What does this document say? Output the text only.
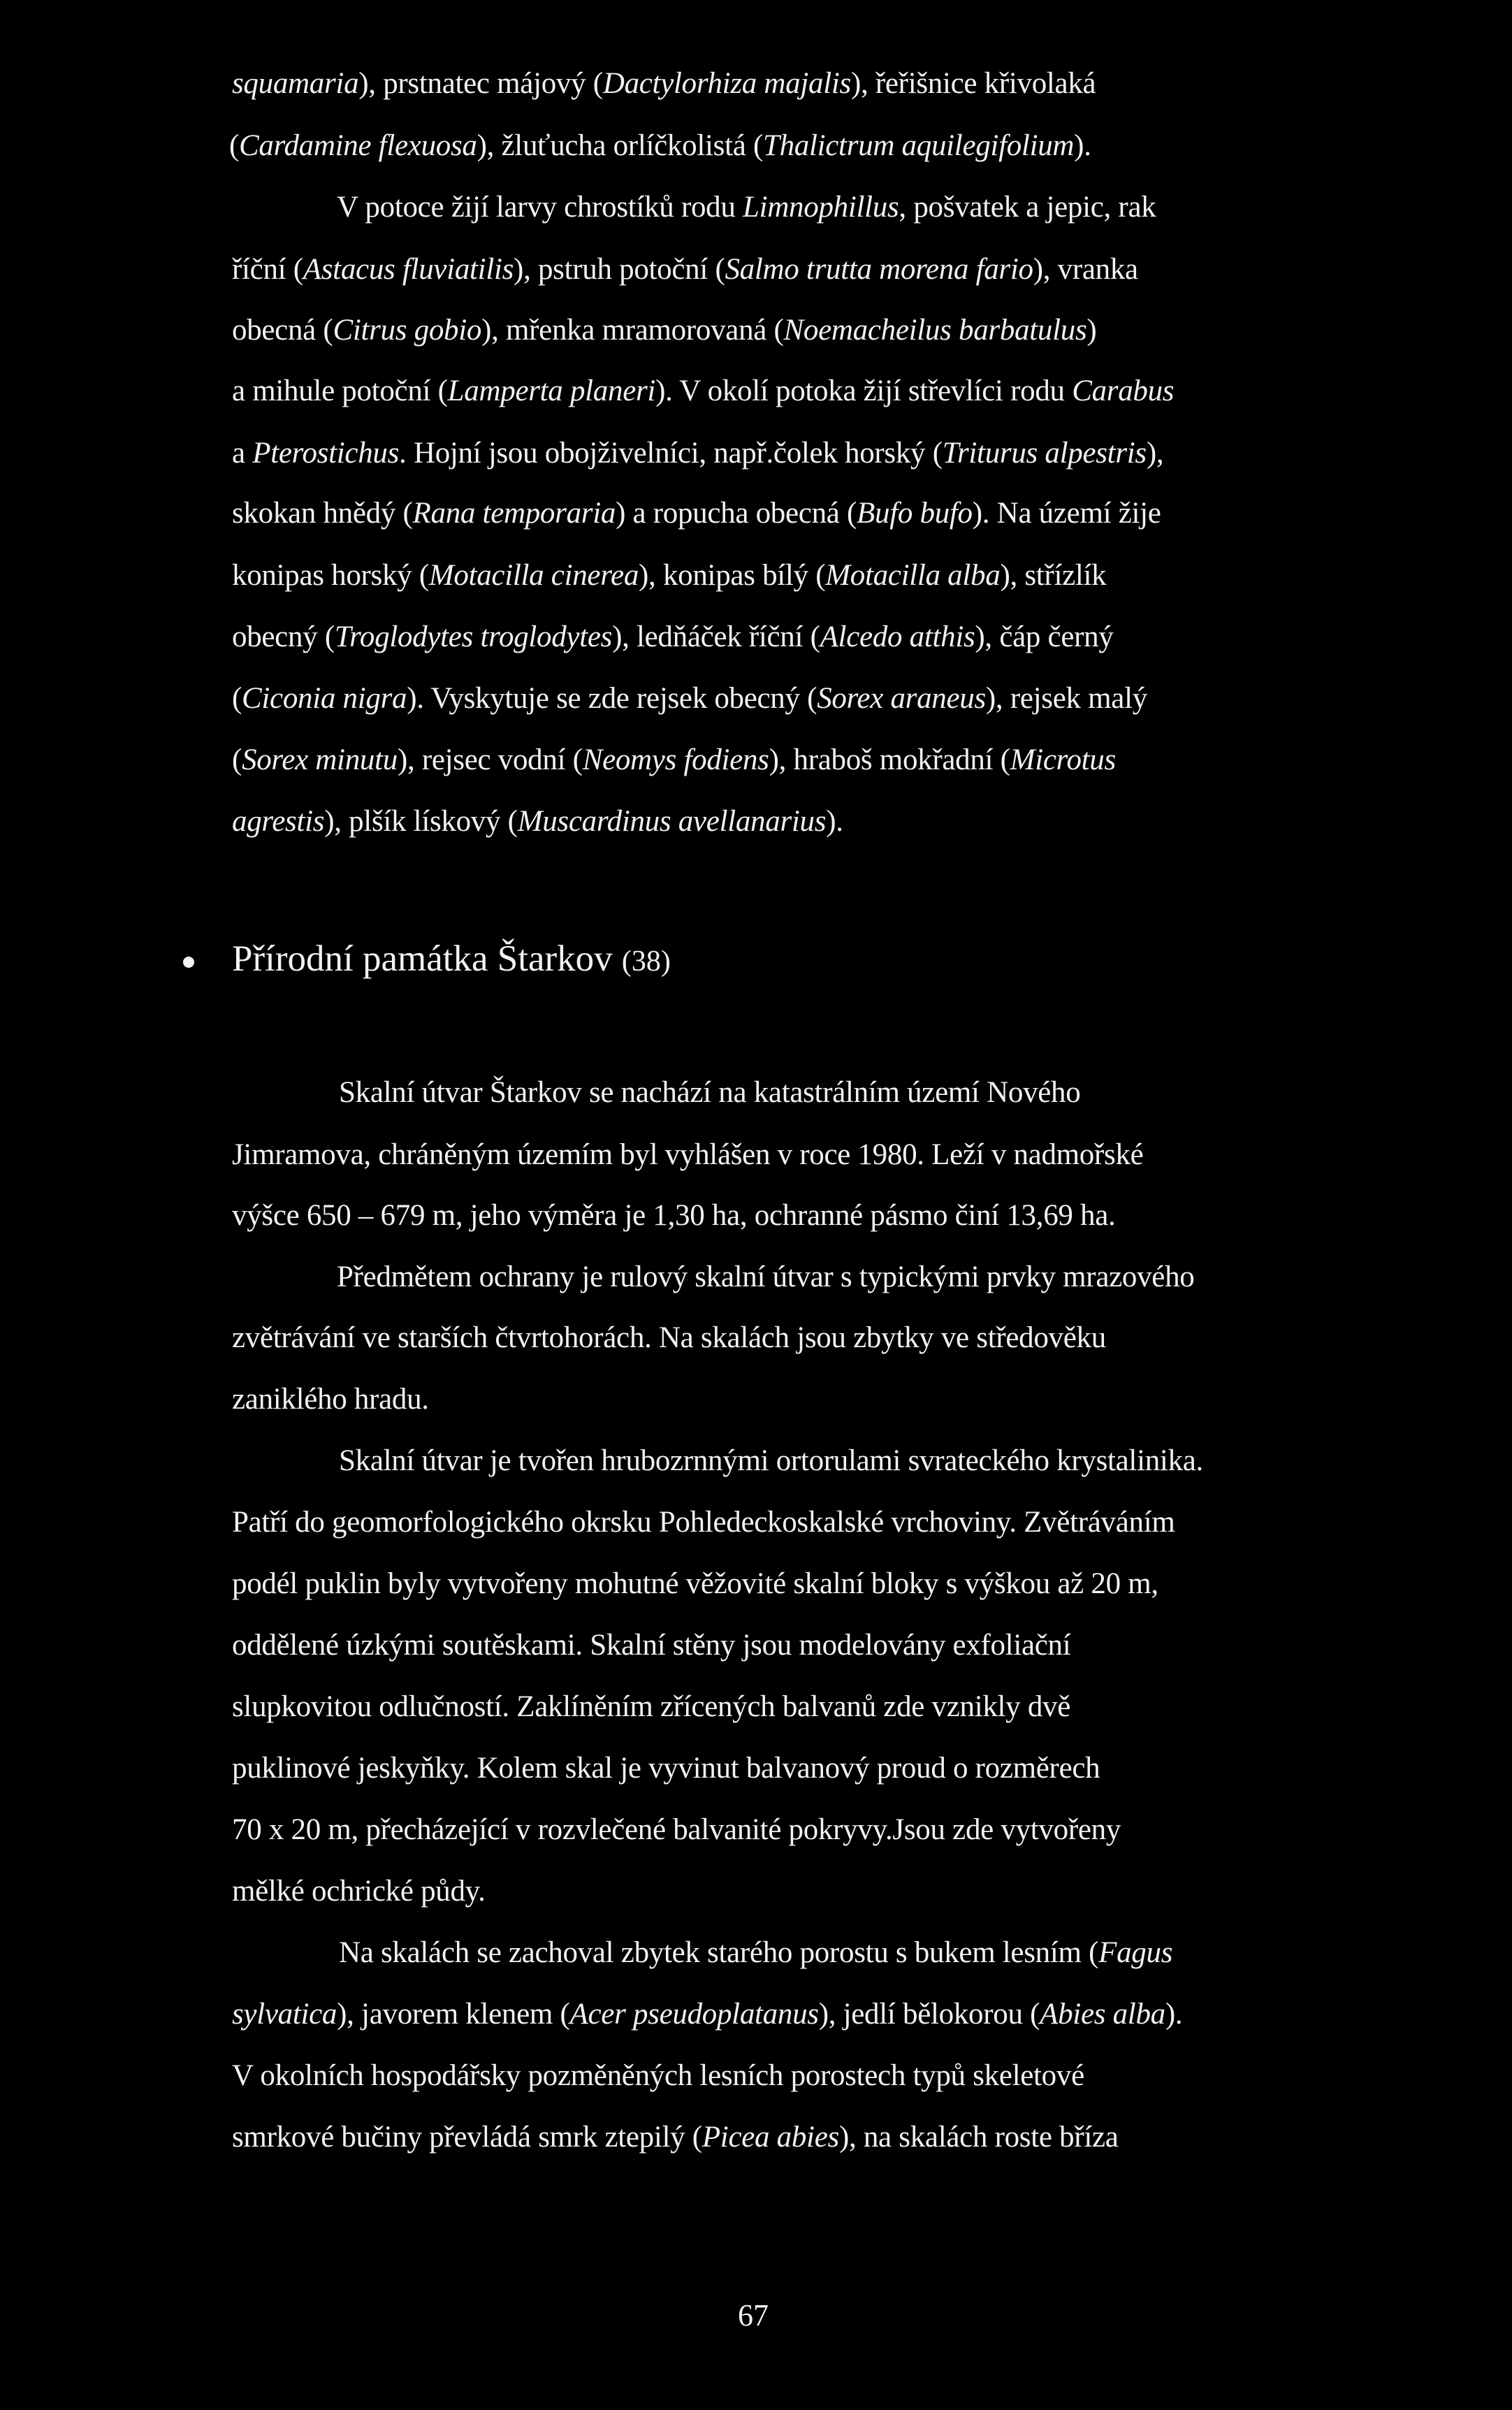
squamaria), prstnatec májový (Dactylorhiza majalis), řeřišnice křivolaká
(Cardamine flexuosa), žluťucha orlíčkolistá (Thalictrum aquilegifolium).
V potoce žijí larvy chrostíků rodu Limnophillus, pošvatek a jepic, rak
říční (Astacus fluviatilis), pstruh potoční (Salmo trutta morena fario), vranka
obecná (Citrus gobio), mřenka mramorovaná (Noemacheilus barbatulus)
a mihule potoční (Lamperta planeri). V okolí potoka žijí střevlíci rodu Carabus
a Pterostichus. Hojní jsou obojživelníci, např.čolek horský (Triturus alpestris),
skokan hnědý (Rana temporaria) a ropucha obecná (Bufo bufo). Na území žije
konipas horský (Motacilla cinerea), konipas bílý (Motacilla alba), střízlík
obecný (Troglodytes troglodytes), ledňáček říční (Alcedo atthis), čáp černý
(Ciconia nigra). Vyskytuje se zde rejsek obecný (Sorex araneus), rejsek malý
(Sorex minutu), rejsec vodní (Neomys fodiens), hraboš mokřadní (Microtus
agrestis), plšík lískový (Muscardinus avellanarius).
Přírodní památka Štarkov (38)
Skalní útvar Štarkov se nachází na katastrálním území Nového
Jimramova, chráněným územím byl vyhlášen v roce 1980. Leží v nadmořské
výšce 650 – 679 m, jeho výměra je 1,30 ha, ochranné pásmo činí 13,69 ha.
Předmětem ochrany je rulový skalní útvar s typickými prvky mrazového
zvětrávání ve starších čtvrtohorách. Na skalách jsou zbytky ve středověku
zaniklého hradu.
Skalní útvar je tvořen hrubozrnnými ortorulami svrateckého krystalinika.
Patří do geomorfologického okrsku Pohledeckoskalské vrchoviny. Zvětráváním
podél puklin byly vytvořeny mohutné věžovité skalní bloky s výškou až 20 m,
oddělené úzkými soutěskami. Skalní stěny jsou modelovány exfoliační
slupkovitou odlučností. Zaklíněním zřícených balvanů zde vznikly dvě
puklinové jeskyňky. Kolem skal je vyvinut balvanový proud o rozměrech
70 x 20 m, přecházející v rozvlečené balvanité pokryvy.Jsou zde vytvořeny
mělké ochrické půdy.
Na skalách se zachoval zbytek starého porostu s bukem lesním (Fagus
sylvatica), javorem klenem (Acer pseudoplatanus), jedlí bělokorou (Abies alba).
V okolních hospodářsky pozměněných lesních porostech typů skeletové
smrkové bučiny převládá smrk ztepilý (Picea abies), na skalách roste bříza
67
